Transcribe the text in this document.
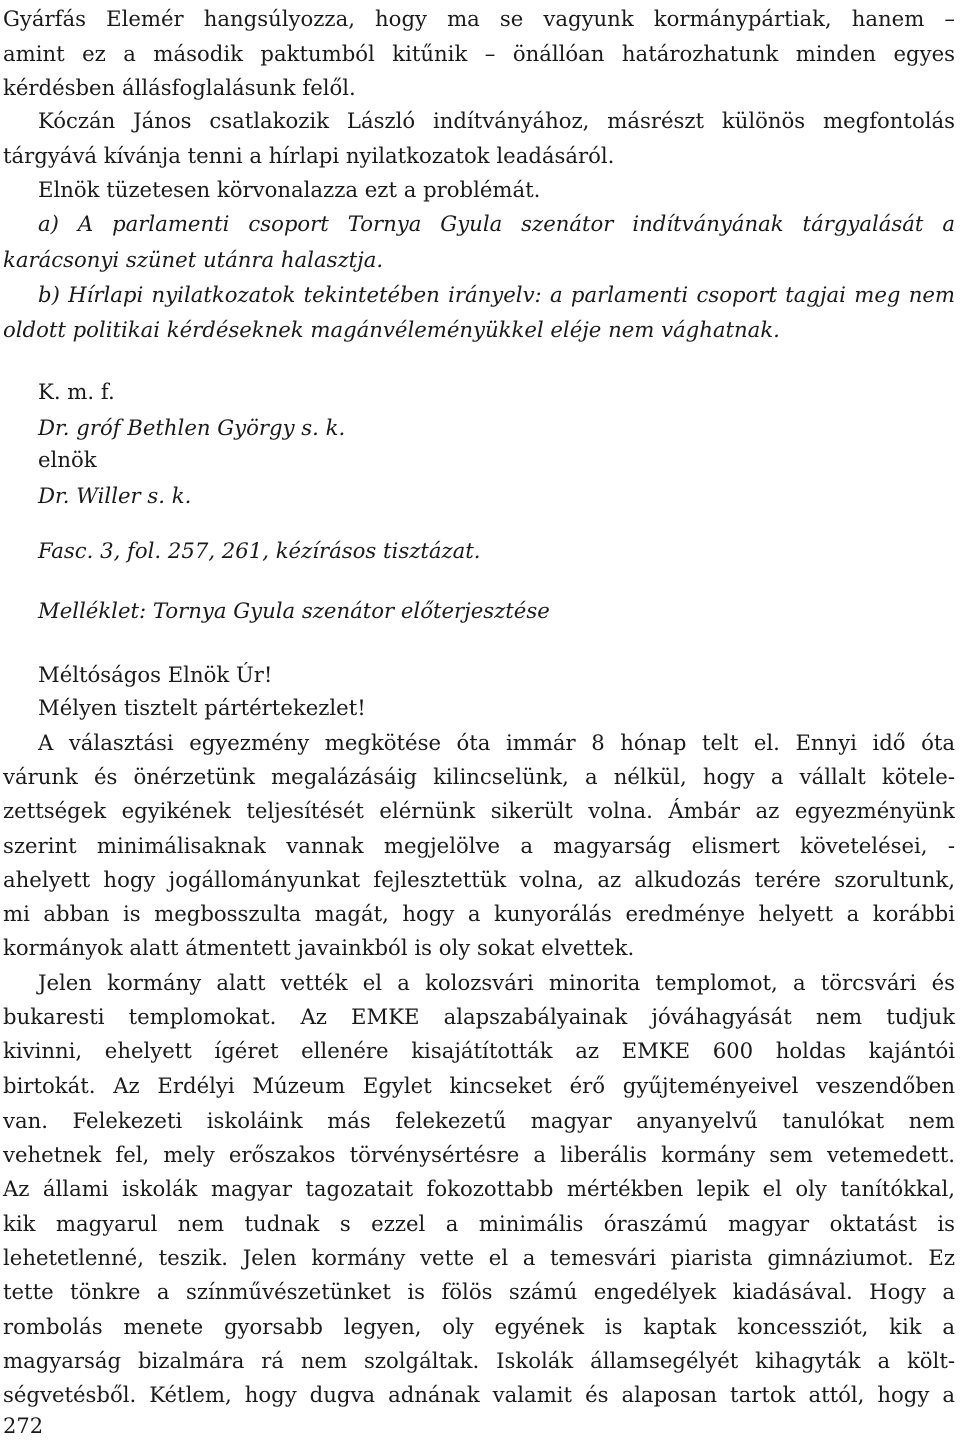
Gyárfás Elemér hangsúlyozza, hogy ma se vagyunk kormánypártiak, hanem –
amint ez a második paktumból kitűnik – önállóan határozhatunk minden egyes
kérdésben állásfoglalásunk felől.
Kóczán János csatlakozik László indítványához, másrészt különös megfontolás
tárgyává kívánja tenni a hírlapi nyilatkozatok leadásáról.
Elnök tüzetesen körvonalazza ezt a problémát.
a) A parlamenti csoport Tornya Gyula szenátor indítványának tárgyalását a
karácsonyi szünet utánra halasztja.
b) Hírlapi nyilatkozatok tekintetében irányelv: a parlamenti csoport tagjai meg nem
oldott politikai kérdéseknek magánvéleményükkel eléje nem vághatnak.
K. m. f.
Dr. gróf Bethlen György s. k.
elnök
Dr. Willer s. k.
Fasc. 3, fol. 257, 261, kézírásos tisztázat.
Melléklet: Tornya Gyula szenátor előterjesztése
Méltóságos Elnök Úr!
Mélyen tisztelt pártértekezlet!
A választási egyezmény megkötése óta immár 8 hónap telt el. Ennyi idő óta
várunk és önérzetünk megalázásáig kilincselünk, a nélkül, hogy a vállalt kötele-
zettségek egyikének teljesítését elérnünk sikerült volna. Ámbár az egyezményünk
szerint minimálisaknak vannak megjelölve a magyarság elismert követelései, -
ahelyett hogy jogállományunkat fejlesztettük volna, az alkudozás terére szorultunk,
mi abban is megbosszulta magát, hogy a kunyorálás eredménye helyett a korábbi
kormányok alatt átmentett javainkból is oly sokat elvettek.
Jelen kormány alatt vették el a kolozsvári minorita templomot, a törcsvári és
bukaresti templomokat. Az EMKE alapszabályainak jóváhagyását nem tudjuk
kivinni, ehelyett ígéret ellenére kisajátították az EMKE 600 holdas kajántói
birtokát. Az Erdélyi Múzeum Egylet kincseket érő gyűjteményeivel veszendőben
van. Felekezeti iskoláink más felekezetű magyar anyanyelvű tanulókat nem
vehetnek fel, mely erőszakos törvénysértésre a liberális kormány sem vetemedett.
Az állami iskolák magyar tagozatait fokozottabb mértékben lepik el oly tanítókkal,
kik magyarul nem tudnak s ezzel a minimális óraszámú magyar oktatást is
lehetetlenné, teszik. Jelen kormány vette el a temesvári piarista gimnáziumot. Ez
tette tönkre a színművészetünket is fölös számú engedélyek kiadásával. Hogy a
rombolás menete gyorsabb legyen, oly egyének is kaptak koncessziót, kik a
magyarság bizalmára rá nem szolgáltak. Iskolák államsegélyét kihagyták a költ-
ségvetésből. Kétlem, hogy dugva adnának valamit és alaposan tartok attól, hogy a
272
